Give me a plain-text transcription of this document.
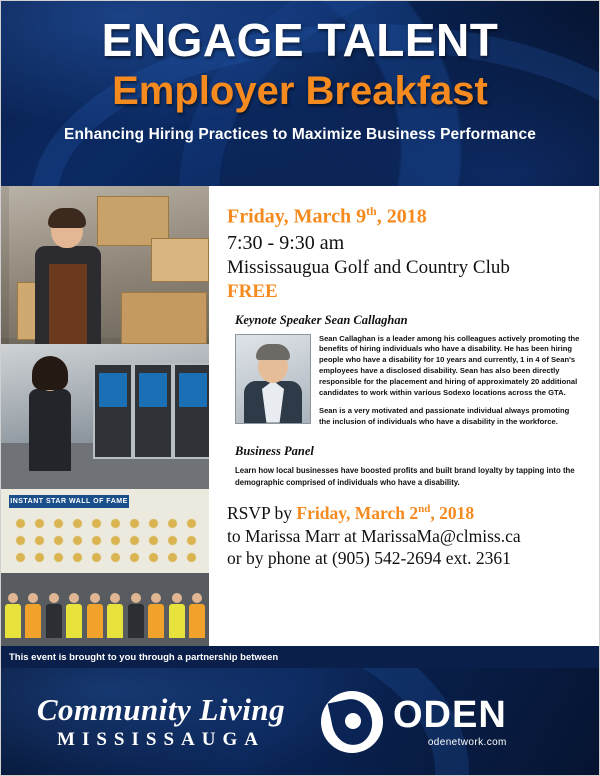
ENGAGE TALENT
Employer Breakfast

Enhancing Hiring Practices to Maximize Business Performance

INSTANT STAR WALL OF FAME
Friday, March 9th, 2018
7:30 - 9:30 am
Mississaugua Golf and Country Club
FREE
Keynote Speaker Sean Callaghan

Sean Callaghan is a leader among his colleagues actively promoting the benefits of hiring individuals who have a disability. He has been hiring people who have a disability for 10 years and currently, 1 in 4 of Sean's employees have a disclosed disability. Sean has also been directly responsible for the placement and hiring of approximately 20 additional candidates to work within various Sodexo locations across the GTA.

Sean is a very motivated and passionate individual always promoting the inclusion of individuals who have a disability in the workforce.

Business Panel
Learn how local businesses have boosted profits and built brand loyalty by tapping into the demographic comprised of individuals who have a disability.
RSVP by Friday, March 2nd, 2018
to Marissa Marr at MarissaMa@clmiss.ca
or by phone at (905) 542-2694 ext. 2361
This event is brought to you through a partnership between
Community Living
MISSISSAUGA
ODEN
odenetwork.com
